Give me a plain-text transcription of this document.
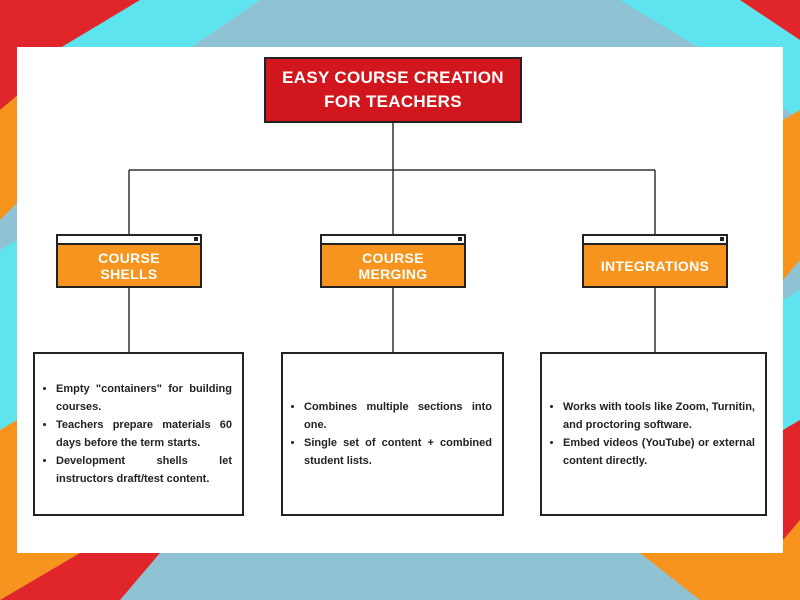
EASY COURSE CREATION
FOR TEACHERS
COURSE
SHELLS
COURSE
MERGING	INTEGRATIONS
• Empty "containers" for building courses.
• Teachers prepare materials 60 days before the term starts.
• Development shells let instructors draft/test content.
• Combines multiple sections into one.
• Single set of content + combined student lists.
• Works with tools like Zoom, Turnitin, and proctoring software.
• Embed videos (YouTube) or external content directly.
